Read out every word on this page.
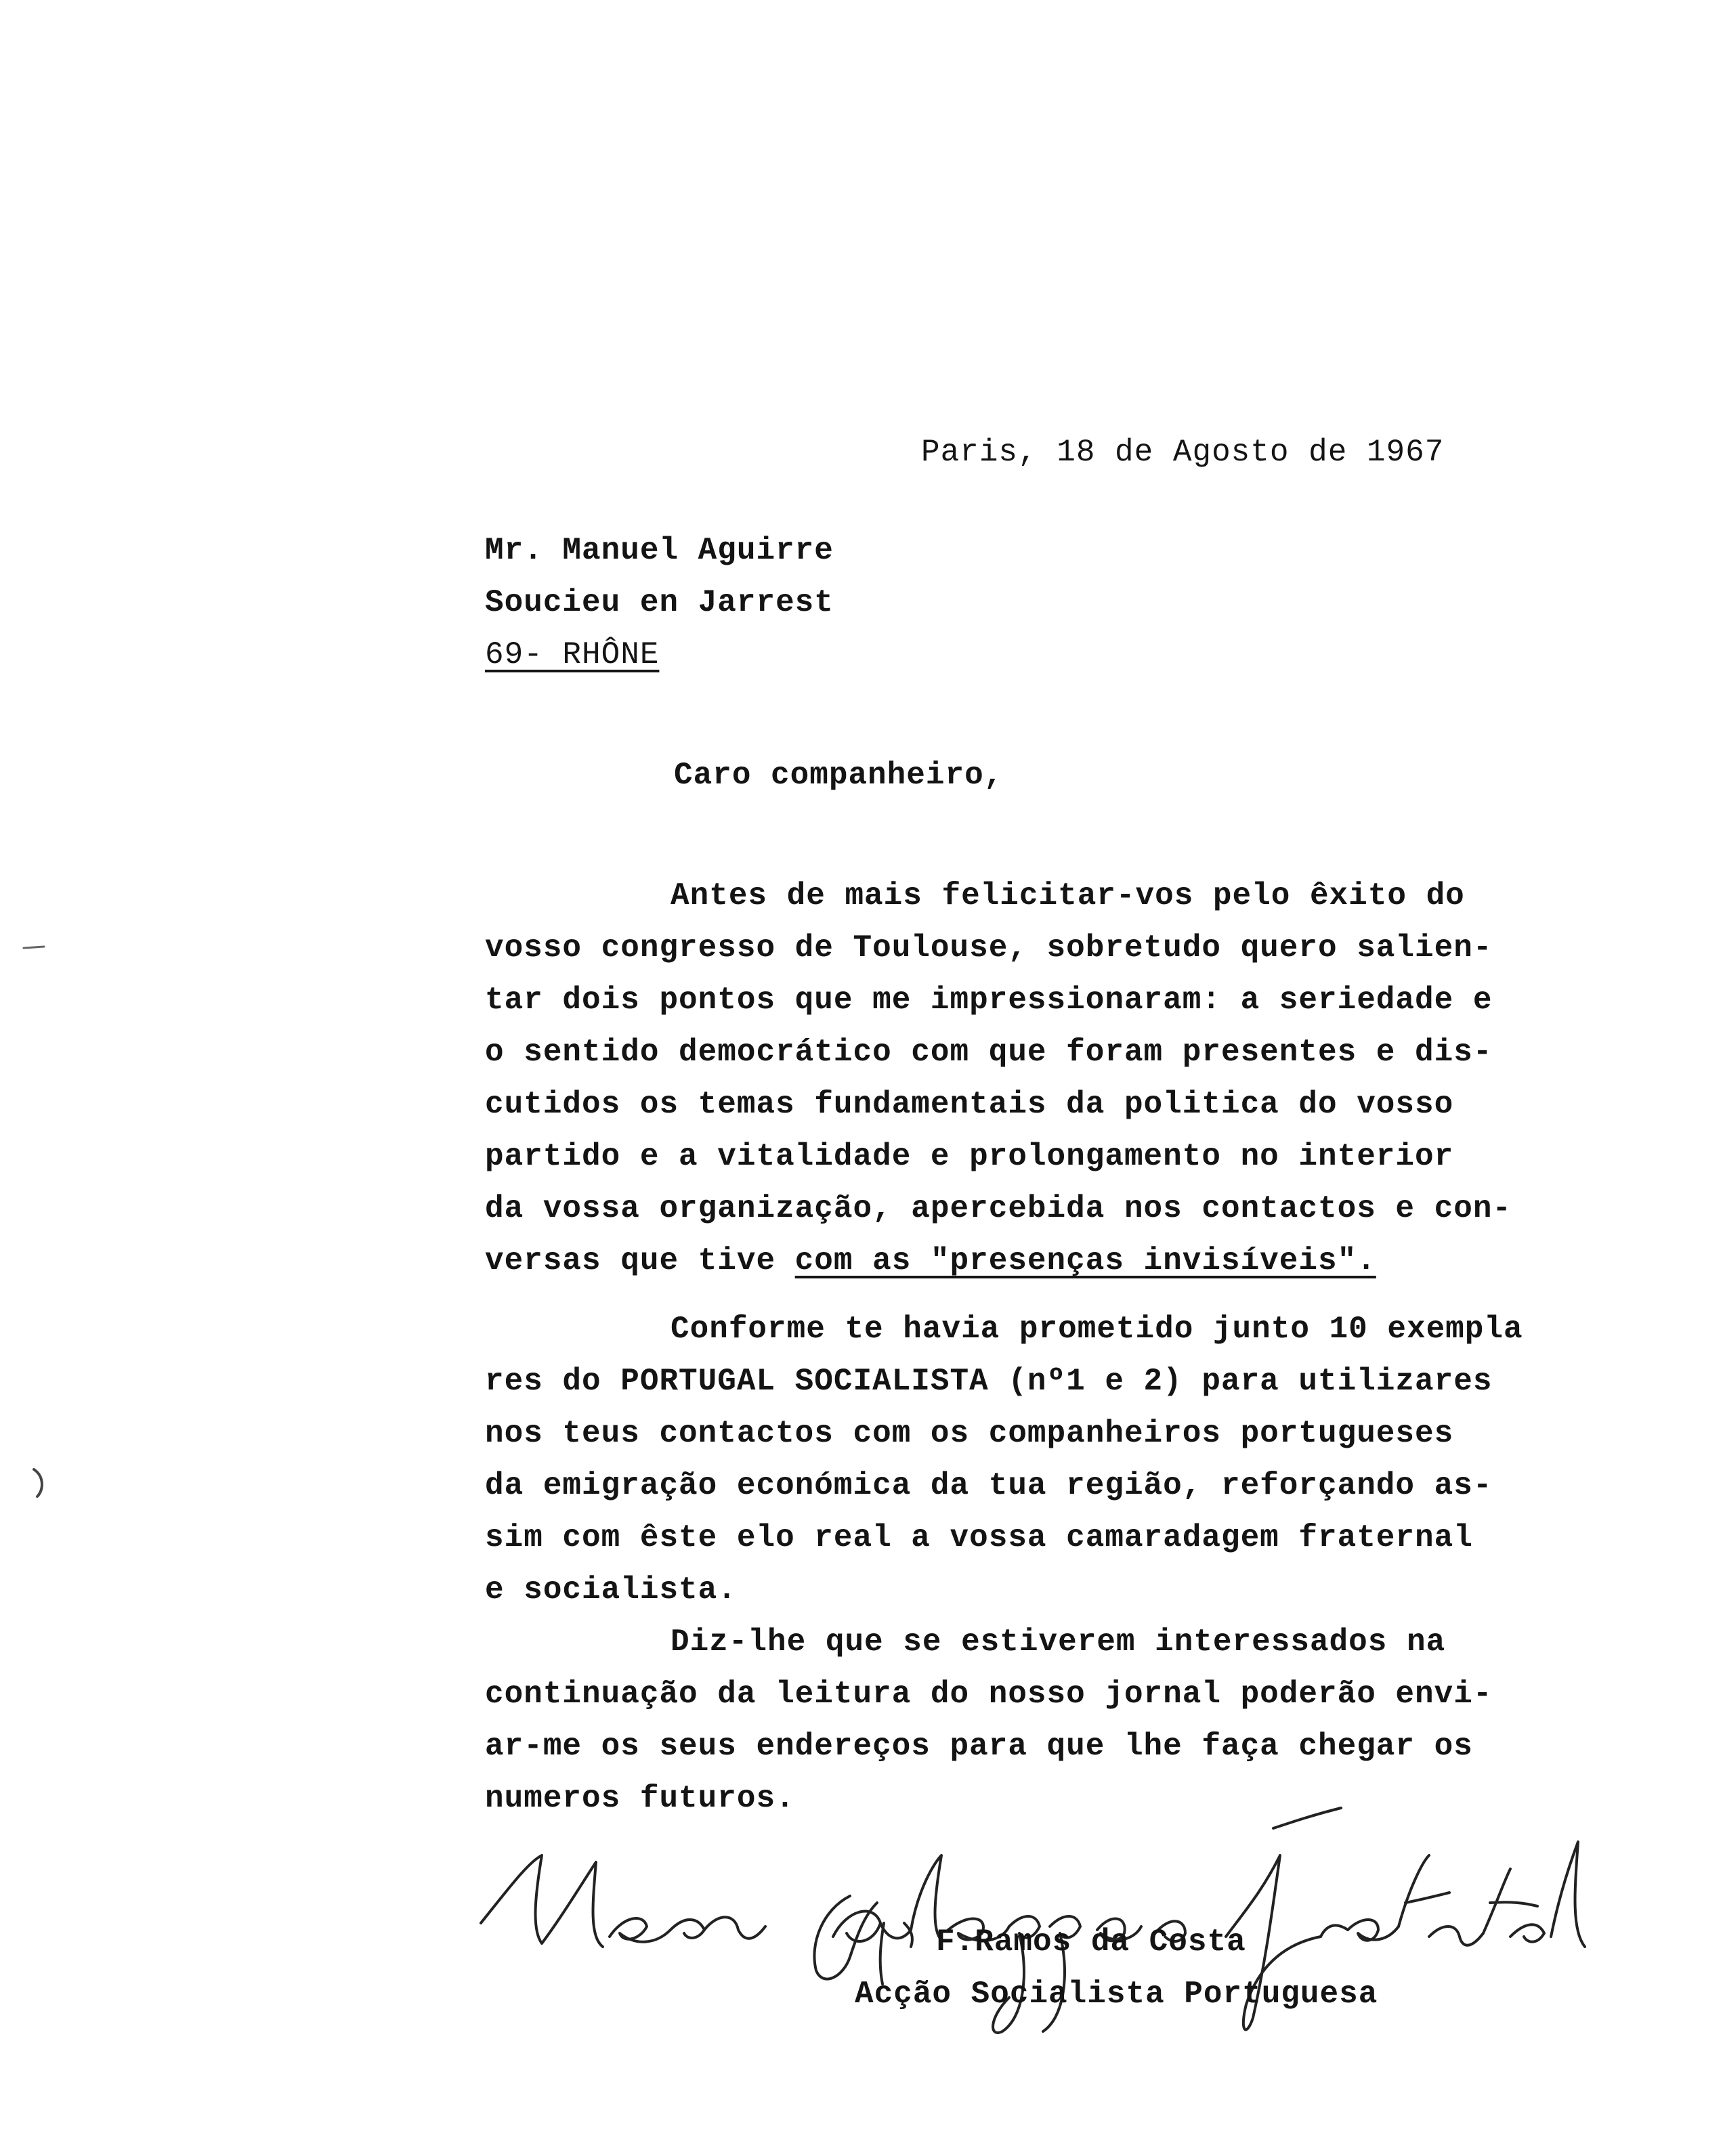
Paris, 18 de Agosto de 1967
Mr. Manuel Aguirre
Soucieu en Jarrest
69- RHÔNE
Caro companheiro,
Antes de mais felicitar-vos pelo êxito do
vosso congresso de Toulouse, sobretudo quero salien-
tar dois pontos que me impressionaram: a seriedade e
o sentido democrático com que foram presentes e dis-
cutidos os temas fundamentais da politica do vosso
partido e a vitalidade e prolongamento no interior
da vossa organização, apercebida nos contactos e con-
versas que tive com as "presenças invisíveis".
Conforme te havia prometido junto 10 exempla
res do PORTUGAL SOCIALISTA (nº1 e 2) para utilizares
nos teus contactos com os companheiros portugueses
da emigração económica da tua região, reforçando as-
sim com êste elo real a vossa camaradagem fraternal
e socialista.
Diz-lhe que se estiverem interessados na
continuação da leitura do nosso jornal poderão envi-
ar-me os seus endereços para que lhe faça chegar os
numeros futuros.
F.Ramos da Costa
Acção Socialista Portuguesa
